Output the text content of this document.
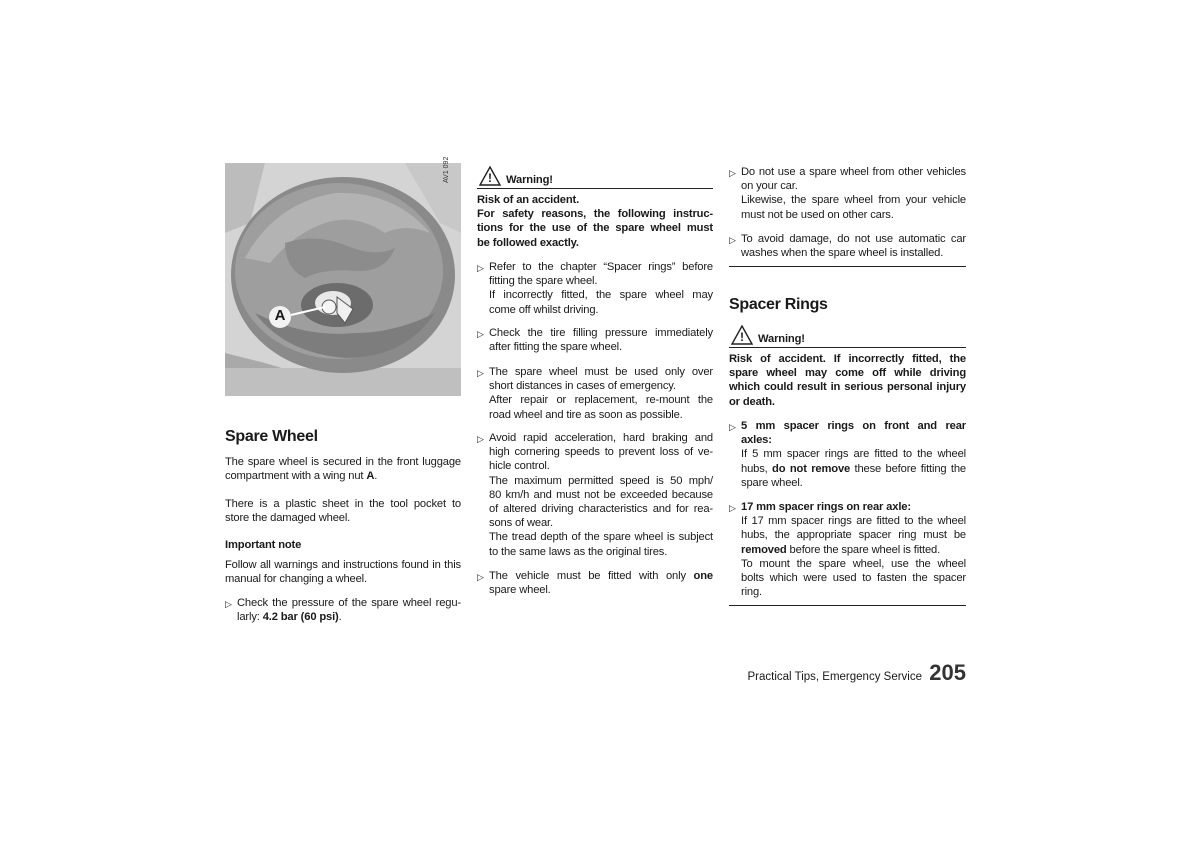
A
AV1 092
Spare Wheel

The spare wheel is secured in the front luggage

compartment with a wing nut A.

There is a plastic sheet in the tool pocket to

store the damaged wheel.

Important note

Follow all warnings and instructions found in this

manual for changing a wheel.

▷ Check the pressure of the spare wheel regu-

larly: 4.2 bar (60 psi).

! Warning!

Risk of an accident.

For safety reasons, the following instruc-

tions for the use of the spare wheel must

be followed exactly.

▷ Refer to the chapter “Spacer rings” before

fitting the spare wheel.

If incorrectly fitted, the spare wheel may

come off whilst driving.

▷ Check the tire filling pressure immediately

after fitting the spare wheel.

▷ The spare wheel must be used only over

short distances in cases of emergency.

After repair or replacement, re-mount the

road wheel and tire as soon as possible.

▷ Avoid rapid acceleration, hard braking and

high cornering speeds to prevent loss of ve-

hicle control.

The maximum permitted speed is 50 mph/

80 km/h and must not be exceeded because

of altered driving characteristics and for rea-

sons of wear.

The tread depth of the spare wheel is subject

to the same laws as the original tires.

▷ The vehicle must be fitted with only one

spare wheel.

▷ Do not use a spare wheel from other vehicles

on your car.

Likewise, the spare wheel from your vehicle

must not be used on other cars.

▷ To avoid damage, do not use automatic car

washes when the spare wheel is installed.

Spacer Rings
! Warning!

Risk of accident. If incorrectly fitted, the

spare wheel may come off while driving

which could result in serious personal injury

or death.

▷ 5 mm spacer rings on front and rear

axles:

If 5 mm spacer rings are fitted to the wheel

hubs, do not remove these before fitting the

spare wheel.

▷ 17 mm spacer rings on rear axle:

If 17 mm spacer rings are fitted to the wheel

hubs, the appropriate spacer ring must be

removed before the spare wheel is fitted.

To mount the spare wheel, use the wheel

bolts which were used to fasten the spacer

ring.

Practical Tips, Emergency Service 205
